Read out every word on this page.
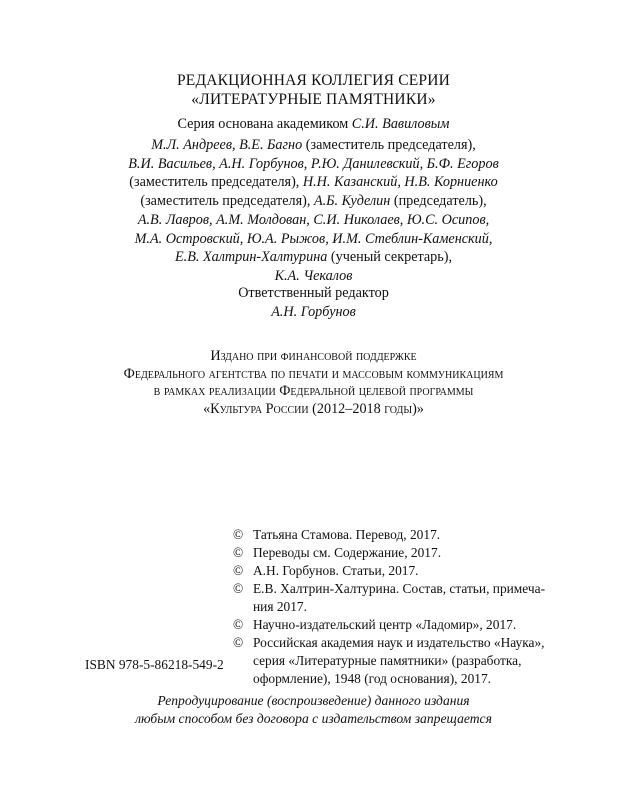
РЕДАКЦИОННАЯ КОЛЛЕГИЯ СЕРИИ
«ЛИТЕРАТУРНЫЕ ПАМЯТНИКИ»
Серия основана академиком С.И. Вавиловым
М.Л. Андреев, В.Е. Багно (заместитель председателя),
В.И. Васильев, А.Н. Горбунов, Р.Ю. Данилевский, Б.Ф. Егоров
(заместитель председателя), Н.Н. Казанский, Н.В. Корниенко
(заместитель председателя), А.Б. Куделин (председатель),
А.В. Лавров, А.М. Молдован, С.И. Николаев, Ю.С. Осипов,
М.А. Островский, Ю.А. Рыжов, И.М. Стеблин-Каменский,
Е.В. Халтрин-Халтурина (ученый секретарь),
К.А. Чекалов
Ответственный редактор
А.Н. Горбунов
Издано при финансовой поддержке
Федерального агентства по печати и массовым коммуникациям
в рамках реализации Федеральной целевой программы
«Культура России (2012–2018 годы)»
© Татьяна Стамова. Перевод, 2017.
© Переводы см. Содержание, 2017.
© А.Н. Горбунов. Статьи, 2017.
© Е.В. Халтрин-Халтурина. Состав, статьи, примеча-
ния 2017.
© Научно-издательский центр «Ладомир», 2017.
© Российская академия наук и издательство «Наука»,
серия «Литературные памятники» (разработка,
оформление), 1948 (год основания), 2017.
ISBN 978-5-86218-549-2
Репродуцирование (воспроизведение) данного издания
любым способом без договора с издательством запрещается
